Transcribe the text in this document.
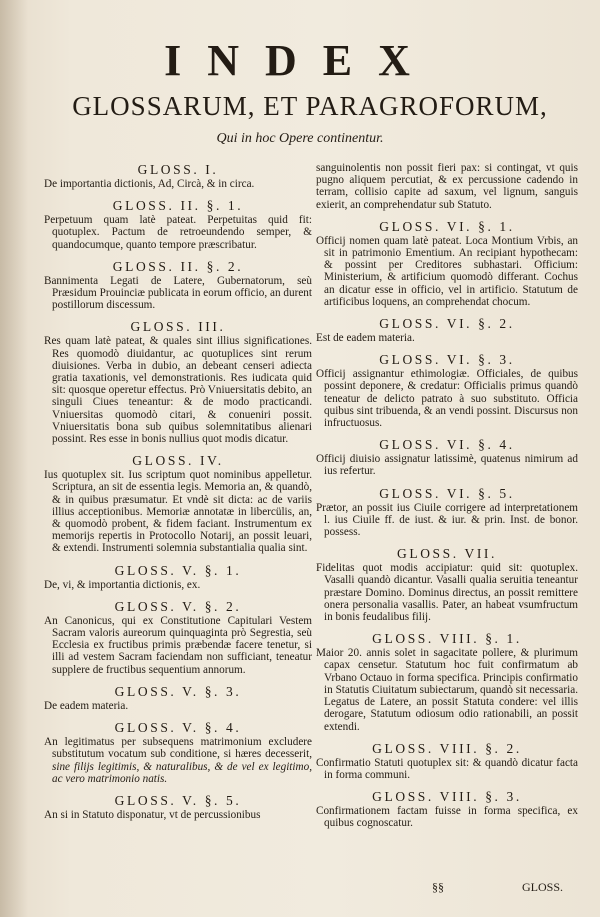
INDEX
GLOSSARUM, ET PARAGROFORUM,
Qui in hoc Opere continentur.
GLOSS. I.
De importantia dictionis, Ad, Circà, & in circa.
GLOSS. II. §. 1.
Perpetuum quam latè pateat. Perpetuitas quid fit: quotuplex. Pactum de retroeundendo semper, & quandocumque, quanto tempore præscribatur.
GLOSS. II. §. 2.
Bannimenta Legati de Latere, Gubernatorum, seù Præsidum Prouinciæ publicata in eorum officio, an durent postillorum discessum.
GLOSS. III.
Res quam latè pateat, & quales sint illius significationes. Res quomodò diuidantur, ac quotuplices sint rerum diuisiones. Verba in dubio, an debeant censeri adiecta gratia taxationis, vel demonstrationis. Res iudicata quid sit: quosque operetur effectus. Prò Vniuersitatis debito, an singuli Ciues teneantur: & de modo practicandi. Vniuersitas quomodò citari, & conueniri possit. Vniuersitatis bona sub quibus solemnitatibus alienari possint. Res esse in bonis nullius quot modis dicatur.
GLOSS. IV.
Ius quotuplex sit. Ius scriptum quot nominibus appelletur. Scriptura, an sit de essentia legis. Memoria an, & quandò, & in quibus præsumatur. Et vndè sit dicta: ac de variis illius acceptionibus. Memoriæ annotatæ in libercülis, an, & quomodò probent, & fidem faciant. Instrumentum ex memorijs repertis in Protocollo Notarij, an possit leuari, & extendi. Instrumenti solemnia substantialia qualia sint.
GLOSS. V. §. 1.
De, vi, & importantia dictionis, ex.
GLOSS. V. §. 2.
An Canonicus, qui ex Constitutione Capitulari Vestem Sacram valoris aureorum quinquaginta prò Segrestia, seù Ecclesia ex fructibus primis præbendæ facere tenetur, si illi ad vestem Sacram faciendam non sufficiant, teneatur supplere de fructibus sequentium annorum.
GLOSS. V. §. 3.
De eadem materia.
GLOSS. V. §. 4.
An legitimatus per subsequens matrimonium excludere substitutum vocatum sub conditione, si hæres decesserit, sine filijs legitimis, & naturalibus, & de vel ex legitimo, ac vero matrimonio natis.
GLOSS. V. §. 5.
An si in Statuto disponatur, vt de percussionibus
sanguinolentis non possit fieri pax: si contingat, vt quis pugno aliquem percutiat, & ex percussione cadendo in terram, collisio capite ad saxum, vel lignum, sanguis exierit, an comprehendatur sub Statuto.
GLOSS. VI. §. 1.
Officij nomen quam latè pateat. Loca Montium Vrbis, an sit in patrimonio Ementium. An recipiant hypothecam: & possint per Creditores subhastari. Officium: Ministerium, & artificium quomodò differant. Cochus an dicatur esse in officio, vel in artificio. Statutum de artificibus loquens, an comprehendat chocum.
GLOSS. VI. §. 2.
Est de eadem materia.
GLOSS. VI. §. 3.
Officij assignantur ethimologiæ. Officiales, de quibus possint deponere, & credatur: Officialis primus quandò teneatur de delicto patrato à suo substituto. Officia quibus sint tribuenda, & an vendi possint. Discursus non infructuosus.
GLOSS. VI. §. 4.
Officij diuisio assignatur latissimè, quatenus nimirum ad ius refertur.
GLOSS. VI. §. 5.
Prætor, an possit ius Ciuile corrigere ad interpretationem l. ius Ciuile ff. de iust. & iur. & prin. Inst. de bonor. possess.
GLOSS. VII.
Fidelitas quot modis accipiatur: quid sit: quotuplex. Vasalli quandò dicantur. Vasalli qualia seruitia teneantur præstare Domino. Dominus directus, an possit remittere onera personalia vasallis. Pater, an habeat vsumfructum in bonis feudalibus filij.
GLOSS. VIII. §. 1.
Maior 20. annis solet in sagacitate pollere, & plurimum capax censetur. Statutum hoc fuit confirmatum ab Vrbano Octauo in forma specifica. Principis confirmatio in Statutis Ciuitatum subiectarum, quandò sit necessaria. Legatus de Latere, an possit Statuta condere: vel illis derogare, Statutum odiosum odio rationabili, an possit extendi.
GLOSS. VIII. §. 2.
Confirmatio Statuti quotuplex sit: & quandò dicatur facta in forma communi.
GLOSS. VIII. §. 3.
Confirmationem factam fuisse in forma specifica, ex quibus cognoscatur.
§§	GLOSS.
